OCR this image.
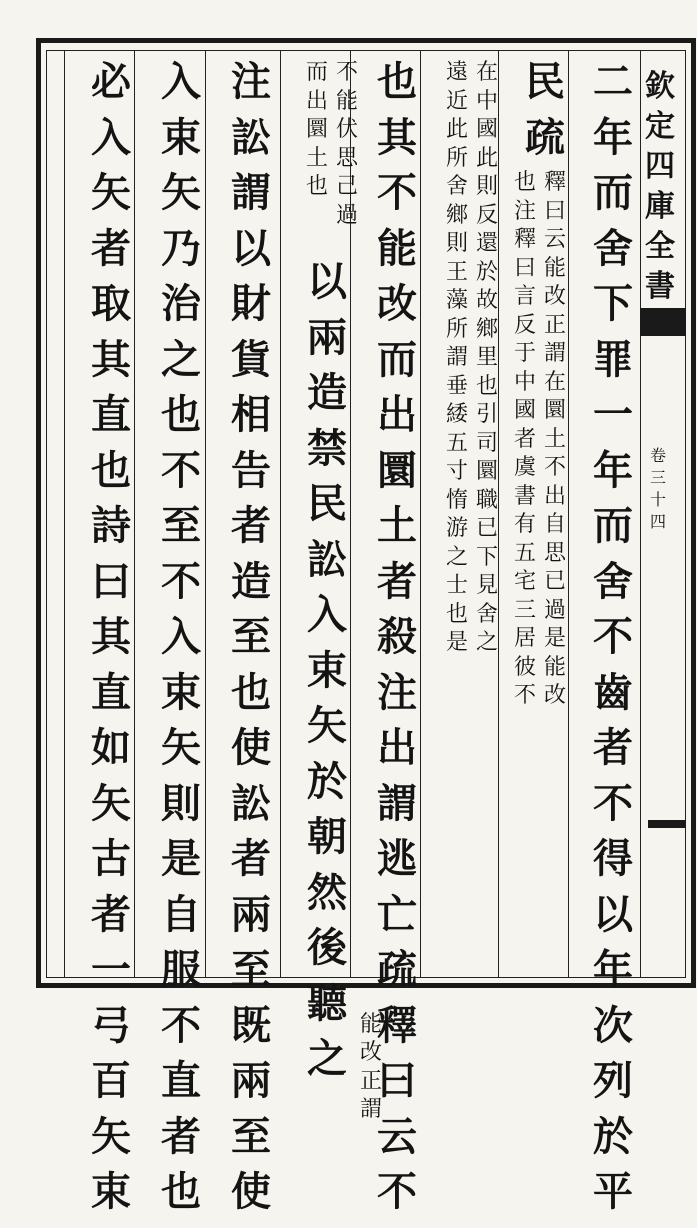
欽
定
四
庫
全
書
卷
三
十
四
二
年
而
舍
下
罪
一
年
而
舍
不
齒
者
不
得
以
年
次
列
於
平
民
疏
也
注
釋
曰
言
反
于
中
國
者
虞
書
有
五
宅
三
居
彼
不
釋
曰
云
能
改
正
謂
在
圜
土
不
出
自
思
已
過
是
能
改
遠
近
此
所
舍
鄉
則
王
藻
所
謂
垂
緌
五
寸
惰
游
之
士
也
是
在
中
國
此
則
反
還
於
故
鄉
里
也
引
司
圜
職
已
下
見
舍
之
也
其
不
能
改
而
出
圜
土
者
殺
注
出
謂
逃
亡
疏
釋
曰
云
不
能
改
正
謂
而
出
圜
土
也
不
能
伏
思
己
過
以
兩
造
禁
民
訟
入
束
矢
於
朝
然
後
聽
之
注
訟
謂
以
財
貨
相
告
者
造
至
也
使
訟
者
兩
至
既
兩
至
使
入
束
矢
乃
治
之
也
不
至
不
入
束
矢
則
是
自
服
不
直
者
也
必
入
矢
者
取
其
直
也
詩
曰
其
直
如
矢
古
者
一
弓
百
矢
束
